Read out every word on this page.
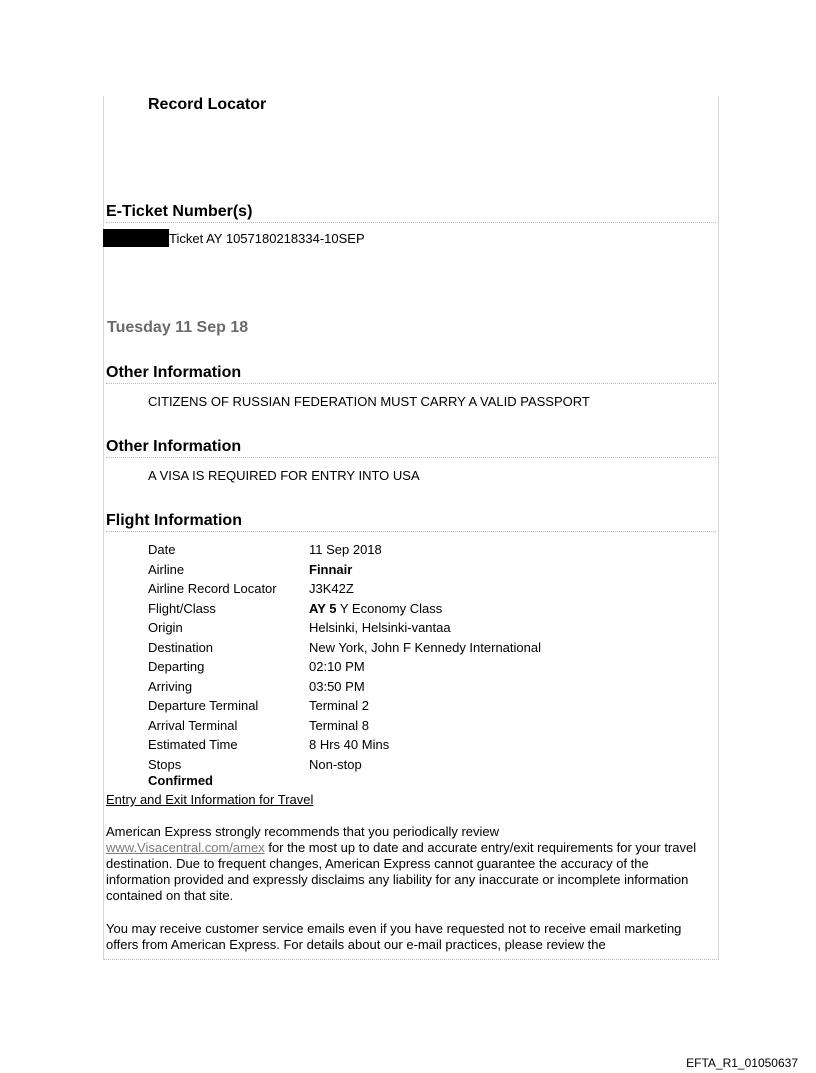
Record Locator
E-Ticket Number(s)
Ticket AY 1057180218334-10SEP
Tuesday 11 Sep 18
Other Information
CITIZENS OF RUSSIAN FEDERATION MUST CARRY A VALID PASSPORT
Other Information
A VISA IS REQUIRED FOR ENTRY INTO USA
Flight Information
Date	11 Sep 2018
Airline	Finnair
Airline Record Locator	J3K42Z
Flight/Class	AY 5 Y Economy Class
Origin	Helsinki, Helsinki-vantaa
Destination	New York, John F Kennedy International
Departing	02:10 PM
Arriving	03:50 PM
Departure Terminal	Terminal 2
Arrival Terminal	Terminal 8
Estimated Time	8 Hrs 40 Mins
Stops	Non-stop
Confirmed
Entry and Exit Information for Travel
American Express strongly recommends that you periodically review
www.Visacentral.com/amex for the most up to date and accurate entry/exit requirements for your travel destination. Due to frequent changes, American Express cannot guarantee the accuracy of the information provided and expressly disclaims any liability for any inaccurate or incomplete information contained on that site.
You may receive customer service emails even if you have requested not to receive email marketing offers from American Express. For details about our e-mail practices, please review the
EFTA_R1_01050637
